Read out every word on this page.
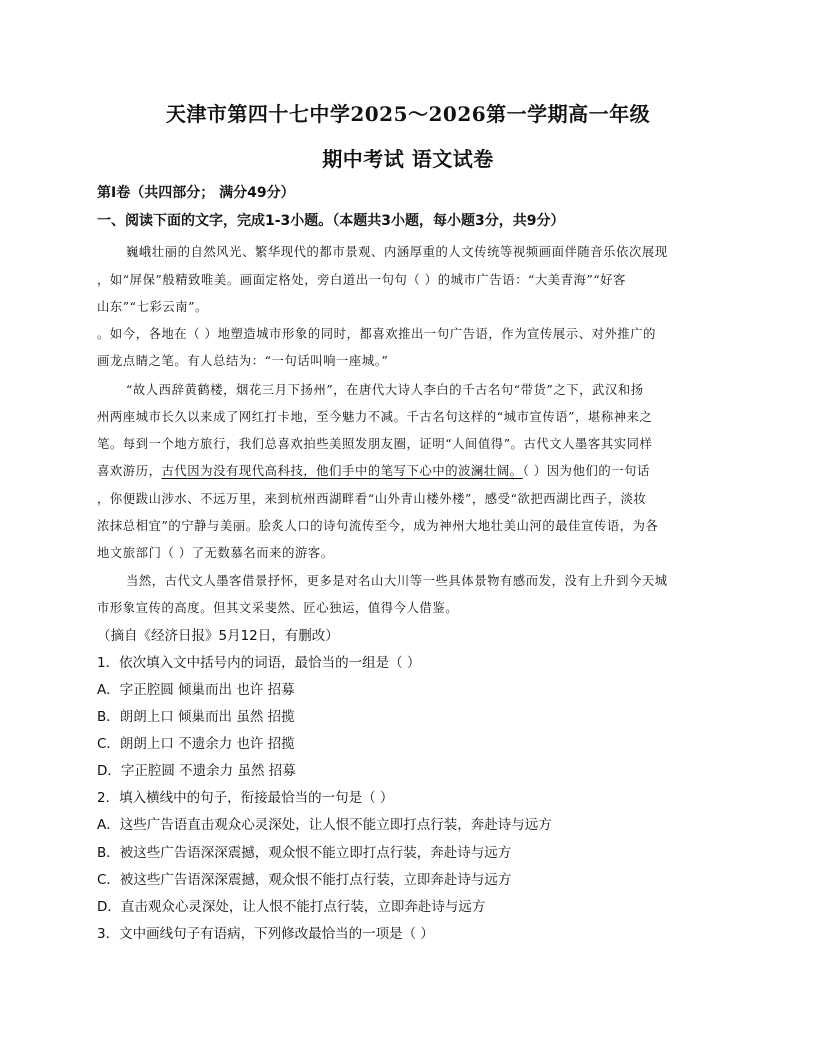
天津市第四十七中学2025～2026第一学期高一年级
期中考试 语文试卷
第Ⅰ卷（共四部分； 满分49分）
一、阅读下面的文字，完成1-3小题。（本题共3小题，每小题3分，共9分）
巍峨壮丽的自然风光、繁华现代的都市景观、内涵厚重的人文传统等视频画面伴随音乐依次展现
，如“屏保”般精致唯美。画面定格处，旁白道出一句句（ ）的城市广告语：“大美青海”“好客
山东”“七彩云南”。
。如今，各地在（ ）地塑造城市形象的同时，都喜欢推出一句广告语，作为宣传展示、对外推广的
画龙点睛之笔。有人总结为：“一句话叫响一座城。”
“故人西辞黄鹤楼，烟花三月下扬州”，在唐代大诗人李白的千古名句“带货”之下，武汉和扬
州两座城市长久以来成了网红打卡地，至今魅力不减。千古名句这样的“城市宣传语”，堪称神来之
笔。每到一个地方旅行，我们总喜欢拍些美照发朋友圈，证明“人间值得”。古代文人墨客其实同样
喜欢游历，古代因为没有现代高科技，他们手中的笔写下心中的波澜壮阔。（ ）因为他们的一句话
，你便跋山涉水、不远万里，来到杭州西湖畔看“山外青山楼外楼”，感受“欲把西湖比西子，淡妆
浓抹总相宜”的宁静与美丽。脍炙人口的诗句流传至今，成为神州大地壮美山河的最佳宣传语，为各
地文旅部门（ ）了无数慕名而来的游客。
当然，古代文人墨客借景抒怀，更多是对名山大川等一些具体景物有感而发，没有上升到今天城
市形象宣传的高度。但其文采斐然、匠心独运，值得今人借鉴。
（摘自《经济日报》5月12日，有删改）
1．依次填入文中括号内的词语，最恰当的一组是（ ）
A．字正腔圆 倾巢而出 也许 招募
B．朗朗上口 倾巢而出 虽然 招揽
C．朗朗上口 不遗余力 也许 招揽
D．字正腔圆 不遗余力 虽然 招募
2．填入横线中的句子，衔接最恰当的一句是（ ）
A．这些广告语直击观众心灵深处，让人恨不能立即打点行装，奔赴诗与远方
B．被这些广告语深深震撼，观众恨不能立即打点行装，奔赴诗与远方
C．被这些广告语深深震撼，观众恨不能打点行装，立即奔赴诗与远方
D．直击观众心灵深处，让人恨不能打点行装，立即奔赴诗与远方
3．文中画线句子有语病，下列修改最恰当的一项是（ ）
